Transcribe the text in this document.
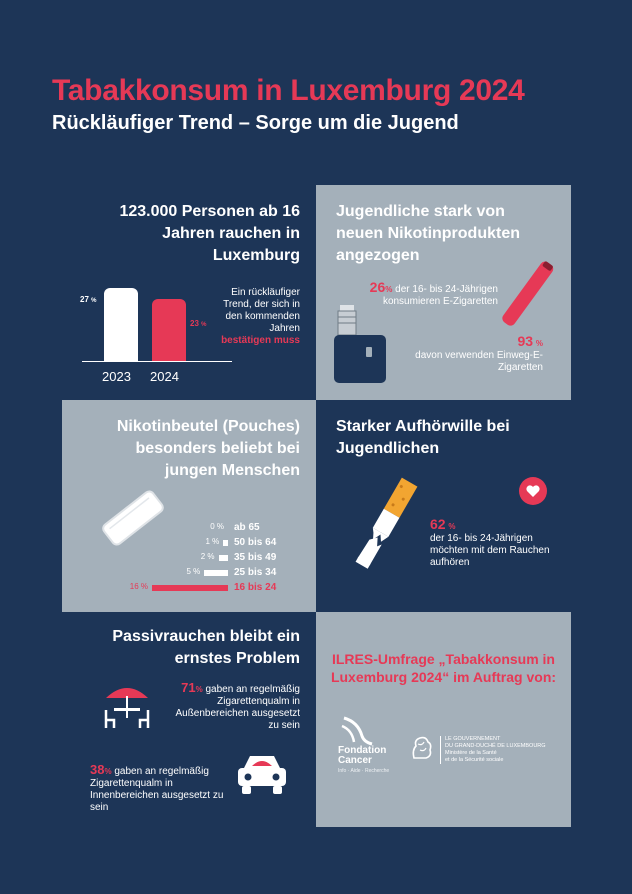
Tabakkonsum in Luxemburg 2024
Rückläufiger Trend – Sorge um die Jugend
123.000 Personen ab 16 Jahren rauchen in Luxemburg
27 %
23 %
2023 2024
Ein rückläufiger Trend, der sich in den kommenden Jahren
bestätigen muss
Jugendliche stark von neuen Nikotinprodukten angezogen
26% der 16- bis 24-Jährigen konsumieren E-Zigaretten
93 %
davon verwenden Einweg-E-Zigaretten
Nikotinbeutel (Pouches) besonders beliebt bei jungen Menschen
0 % ab 65
1 % 50 bis 64
2 % 35 bis 49
5 %	25 bis 34
16 %	16 bis 24
Starker Aufhörwille bei Jugendlichen
62 %
der 16- bis 24-Jährigen möchten mit dem Rauchen aufhören
Passivrauchen bleibt ein ernstes Problem
71% gaben an regelmäßig Zigarettenqualm in Außenbereichen ausgesetzt zu sein
38% gaben an regelmäßig Zigarettenqualm in Innenbereichen ausgesetzt zu sein
ILRES-Umfrage „Tabakkonsum in Luxemburg 2024“ im Auftrag von:
Fondation Cancer
Info · Aide · Recherche
LE GOUVERNEMENT
DU GRAND-DUCHÉ DE LUXEMBOURG
Ministère de la Santé
et de la Sécurité sociale
